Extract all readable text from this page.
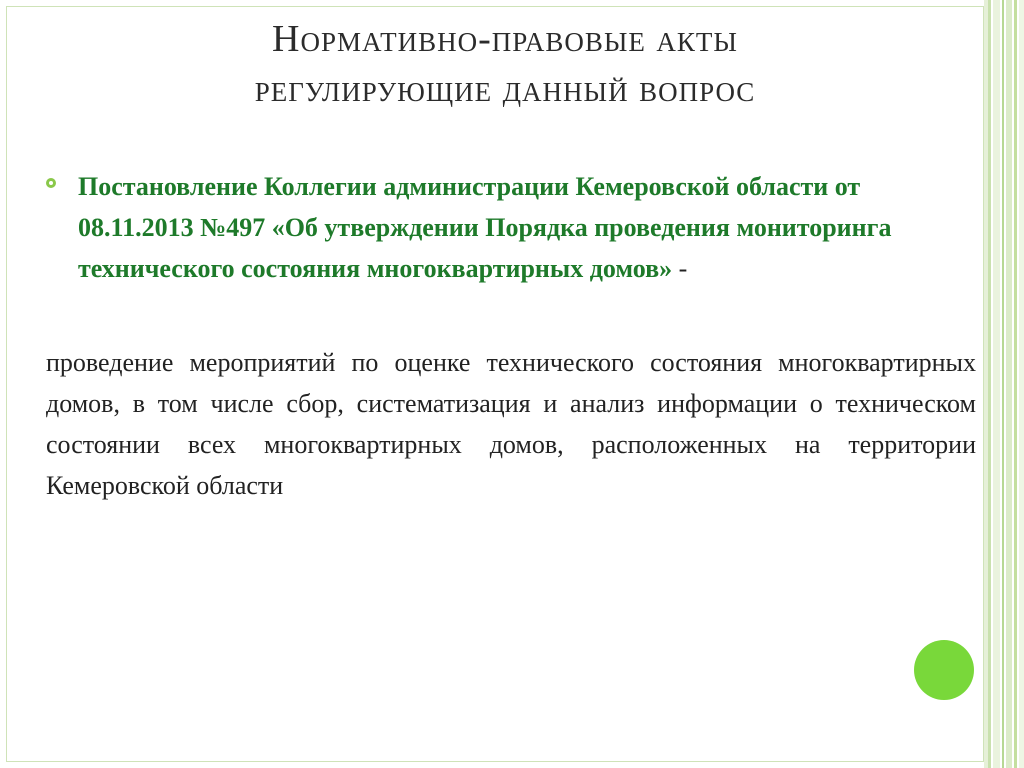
Нормативно-правовые акты
регулирующие данный вопрос
Постановление Коллегии администрации Кемеровской области от 08.11.2013 №497 «Об утверждении Порядка проведения мониторинга технического состояния многоквартирных домов» -
проведение мероприятий по оценке технического состояния многоквартирных домов, в том числе сбор, систематизация и анализ информации о техническом состоянии всех многоквартирных домов, расположенных на территории Кемеровской области
